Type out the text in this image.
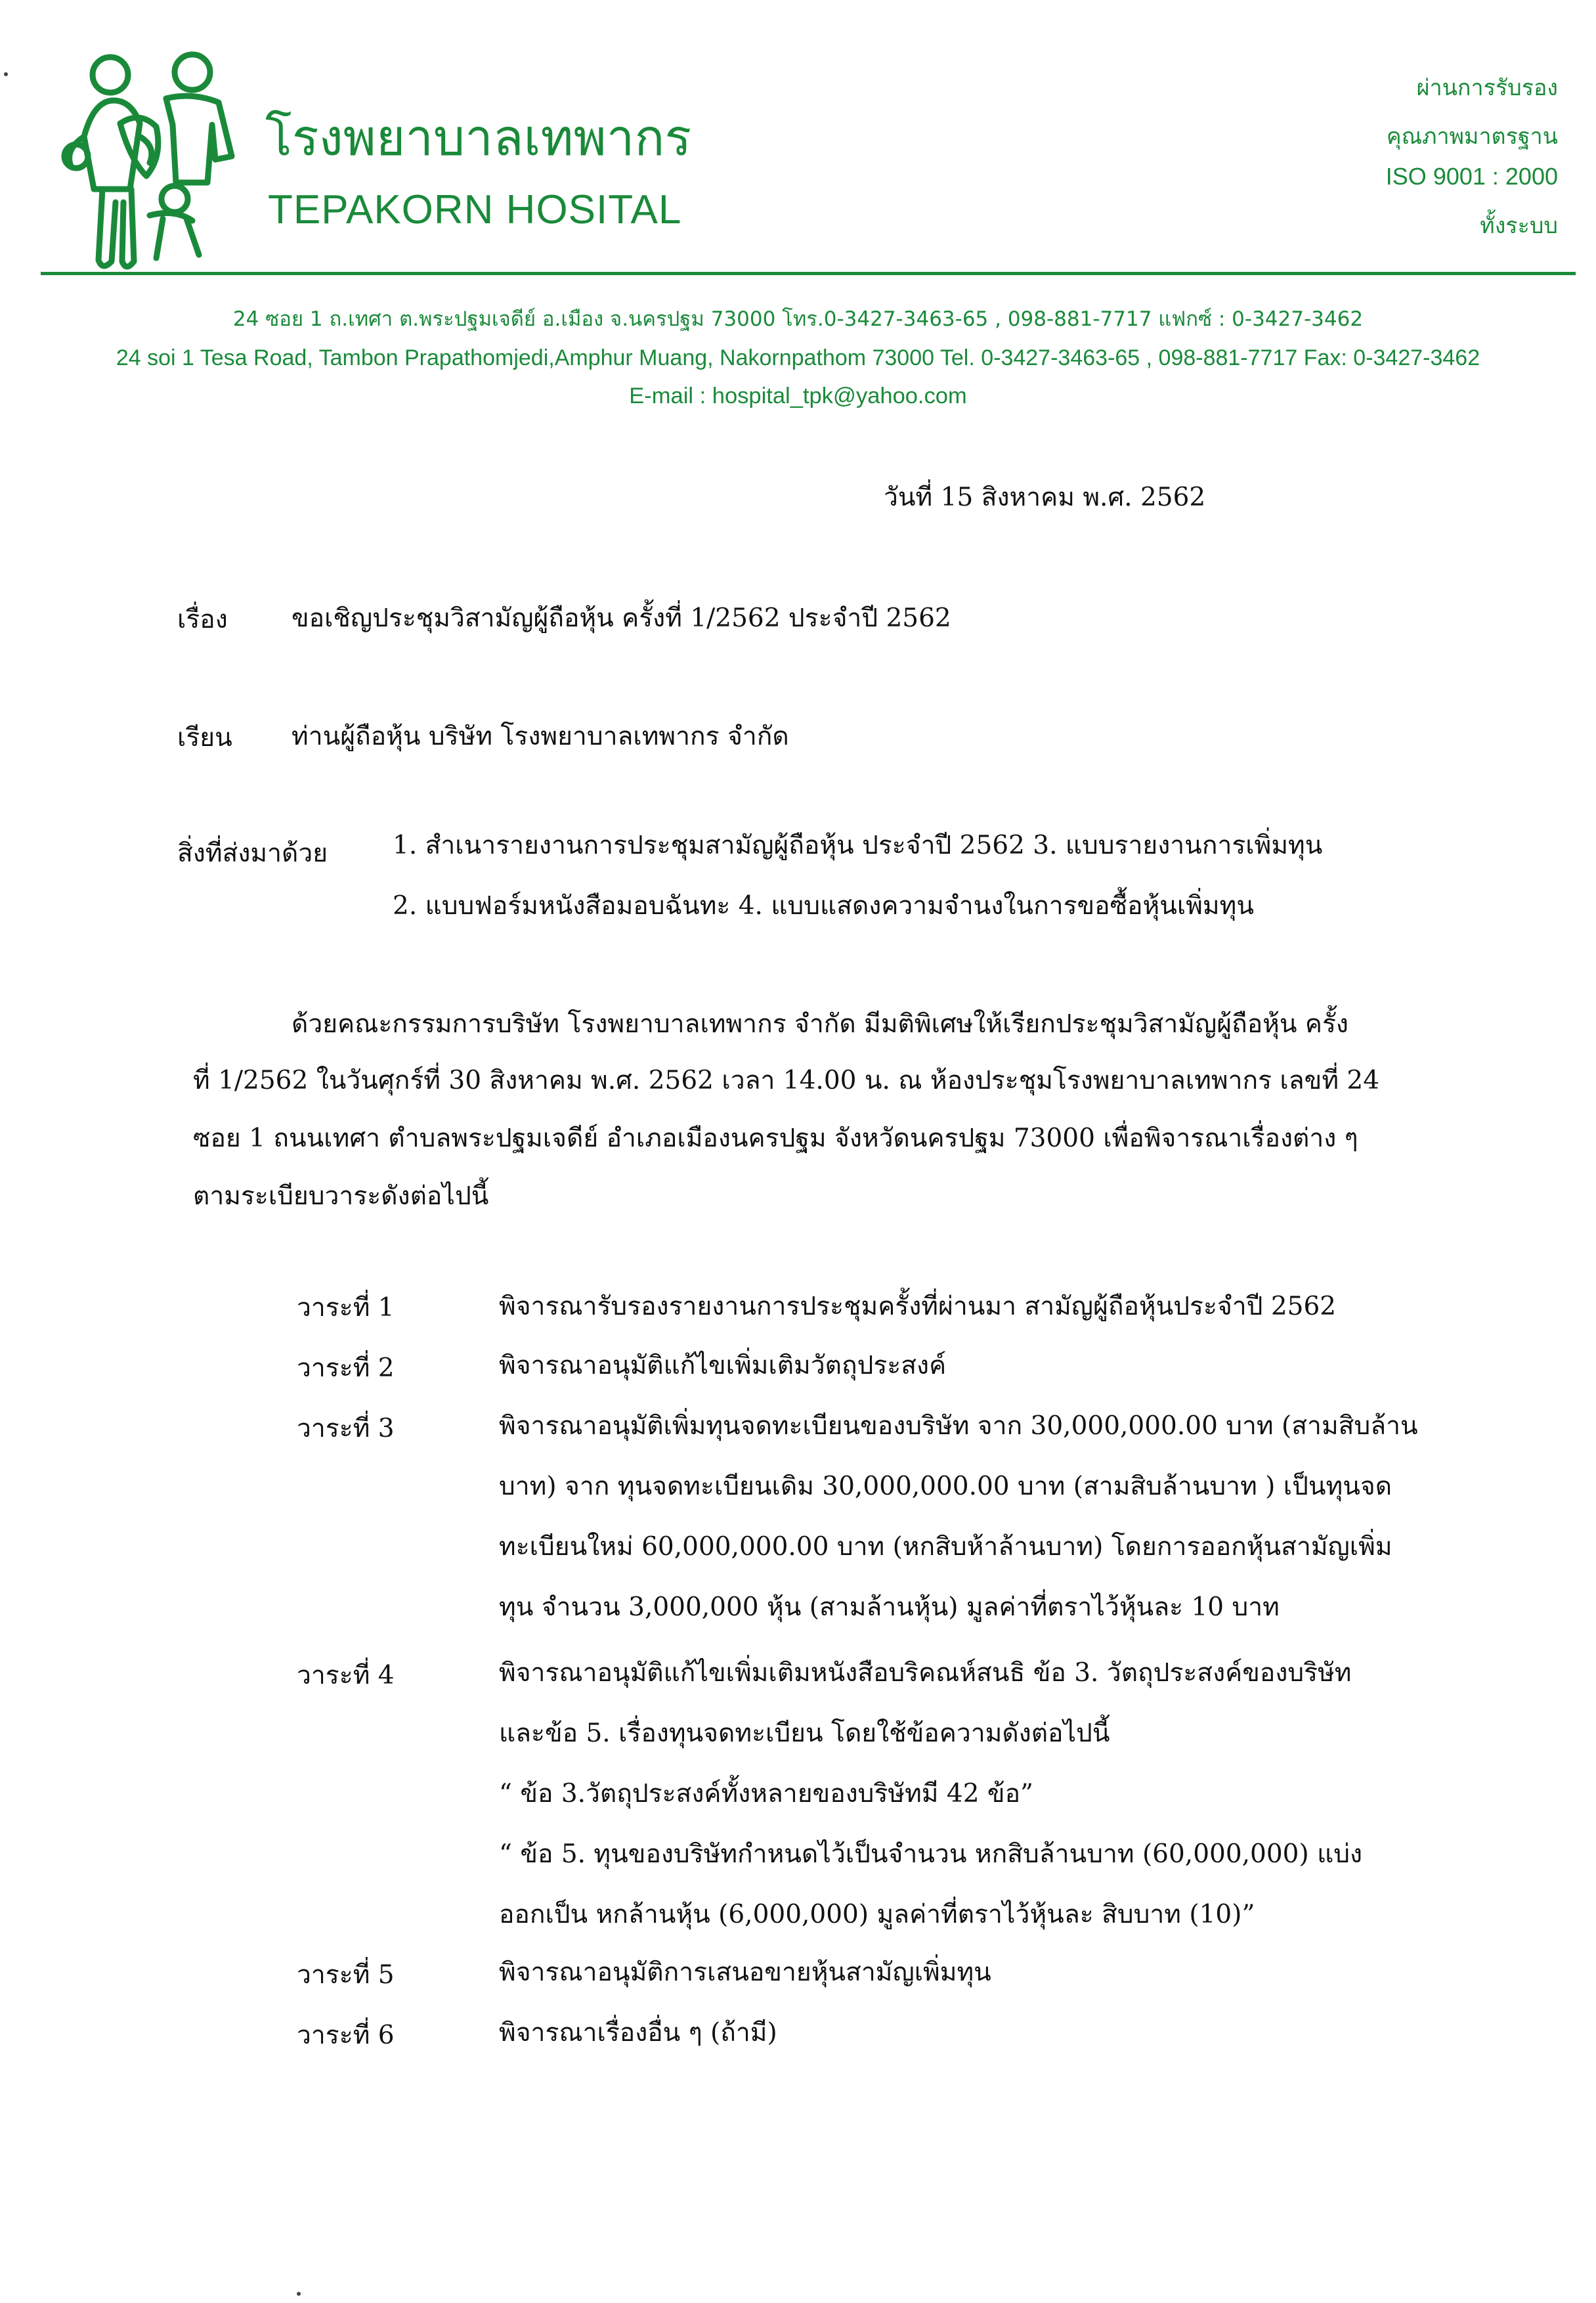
โรงพยาบาลเทพากร
TEPAKORN HOSITAL
ผ่านการรับรอง
คุณภาพมาตรฐาน
ISO 9001 : 2000
ทั้งระบบ
24 ซอย 1 ถ.เทศา ต.พระปฐมเจดีย์ อ.เมือง จ.นครปฐม 73000 โทร.0-3427-3463-65 , 098-881-7717 แฟกซ์ : 0-3427-3462
24 soi 1 Tesa Road, Tambon Prapathomjedi,Amphur Muang, Nakornpathom 73000 Tel. 0-3427-3463-65 , 098-881-7717 Fax: 0-3427-3462
E-mail : hospital_tpk@yahoo.com
วันที่ 15 สิงหาคม พ.ศ. 2562
เรื่อง ขอเชิญประชุมวิสามัญผู้ถือหุ้น ครั้งที่ 1/2562 ประจำปี 2562
เรียน ท่านผู้ถือหุ้น บริษัท โรงพยาบาลเทพากร จำกัด
สิ่งที่ส่งมาด้วย	1. สำเนารายงานการประชุมสามัญผู้ถือหุ้น ประจำปี 2562 3. แบบรายงานการเพิ่มทุน
2. แบบฟอร์มหนังสือมอบฉันทะ 4. แบบแสดงความจำนงในการขอซื้อหุ้นเพิ่มทุน
ด้วยคณะกรรมการบริษัท โรงพยาบาลเทพากร จำกัด มีมติพิเศษให้เรียกประชุมวิสามัญผู้ถือหุ้น ครั้ง
ที่ 1/2562 ในวันศุกร์ที่ 30 สิงหาคม พ.ศ. 2562 เวลา 14.00 น. ณ ห้องประชุมโรงพยาบาลเทพากร เลขที่ 24
ซอย 1 ถนนเทศา ตำบลพระปฐมเจดีย์ อำเภอเมืองนครปฐม จังหวัดนครปฐม 73000 เพื่อพิจารณาเรื่องต่าง ๆ
ตามระเบียบวาระดังต่อไปนี้
วาระที่ 1	พิจารณารับรองรายงานการประชุมครั้งที่ผ่านมา สามัญผู้ถือหุ้นประจำปี 2562
วาระที่ 2	พิจารณาอนุมัติแก้ไขเพิ่มเติมวัตถุประสงค์
วาระที่ 3	พิจารณาอนุมัติเพิ่มทุนจดทะเบียนของบริษัท จาก 30,000,000.00 บาท (สามสิบล้าน
บาท) จาก ทุนจดทะเบียนเดิม 30,000,000.00 บาท (สามสิบล้านบาท ) เป็นทุนจด
ทะเบียนใหม่ 60,000,000.00 บาท (หกสิบห้าล้านบาท) โดยการออกหุ้นสามัญเพิ่ม
ทุน จำนวน 3,000,000 หุ้น (สามล้านหุ้น) มูลค่าที่ตราไว้หุ้นละ 10 บาท
วาระที่ 4	พิจารณาอนุมัติแก้ไขเพิ่มเติมหนังสือบริคณห์สนธิ ข้อ 3. วัตถุประสงค์ของบริษัท
และข้อ 5. เรื่องทุนจดทะเบียน โดยใช้ข้อความดังต่อไปนี้
“ ข้อ 3.วัตถุประสงค์ทั้งหลายของบริษัทมี 42 ข้อ”
“ ข้อ 5. ทุนของบริษัทกำหนดไว้เป็นจำนวน หกสิบล้านบาท (60,000,000) แบ่ง
ออกเป็น หกล้านหุ้น (6,000,000) มูลค่าที่ตราไว้หุ้นละ สิบบาท (10)”
วาระที่ 5	พิจารณาอนุมัติการเสนอขายหุ้นสามัญเพิ่มทุน
วาระที่ 6	พิจารณาเรื่องอื่น ๆ (ถ้ามี)
